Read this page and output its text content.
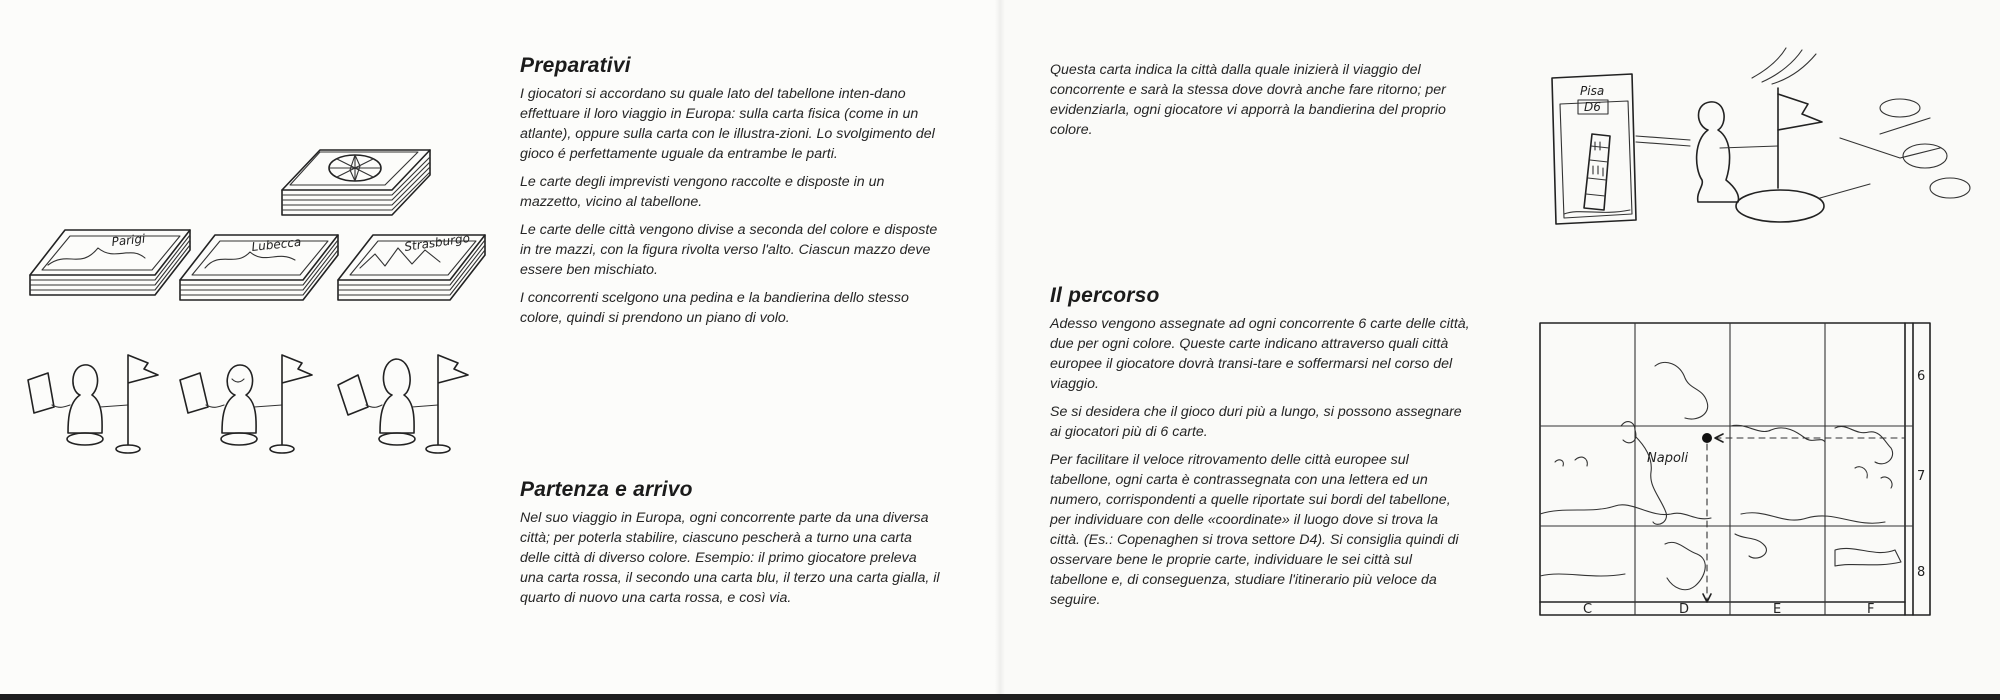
Parigi	Lubecca	Strasburgo
Preparativi

I giocatori si accordano su quale lato del tabellone inten-dano effettuare il loro viaggio in Europa: sulla carta fisica (come in un atlante), oppure sulla carta con le illustra-zioni. Lo svolgimento del gioco é perfettamente uguale da entrambe le parti.

Le carte degli imprevisti vengono raccolte e disposte in un mazzetto, vicino al tabellone.

Le carte delle città vengono divise a seconda del colore e disposte in tre mazzi, con la figura rivolta verso l'alto. Ciascun mazzo deve essere ben mischiato.

I concorrenti scelgono una pedina e la bandierina dello stesso colore, quindi si prendono un piano di volo.

Partenza e arrivo

Nel suo viaggio in Europa, ogni concorrente parte da una diversa città; per poterla stabilire, ciascuno pescherà a turno una carta delle città di diverso colore. Esempio: il primo giocatore preleva una carta rossa, il secondo una carta blu, il terzo una carta gialla, il quarto di nuovo una carta rossa, e così via.

Questa carta indica la città dalla quale inizierà il viaggio del concorrente e sarà la stessa dove dovrà anche fare ritorno; per evidenziarla, ogni giocatore vi apporrà la bandierina del proprio colore.

Il percorso

Adesso vengono assegnate ad ogni concorrente 6 carte delle città, due per ogni colore. Queste carte indicano attraverso quali città europee il giocatore dovrà transi-tare e soffermarsi nel corso del viaggio.

Se si desidera che il gioco duri più a lungo, si possono assegnare ai giocatori più di 6 carte.

Per facilitare il veloce ritrovamento delle città europee sul tabellone, ogni carta è contrassegnata con una lettera ed un numero, corrispondenti a quelle riportate sui bordi del tabellone, per individuare con delle «coordinate» il luogo dove si trova la città. (Es.: Copenaghen si trova settore D4). Si consiglia quindi di osservare bene le proprie carte, individuare le sei città sul tabellone e, di conseguenza, studiare l'itinerario più veloce da seguire.

Pisa
D6
Napoli
C	D	E	F
6
7
8
